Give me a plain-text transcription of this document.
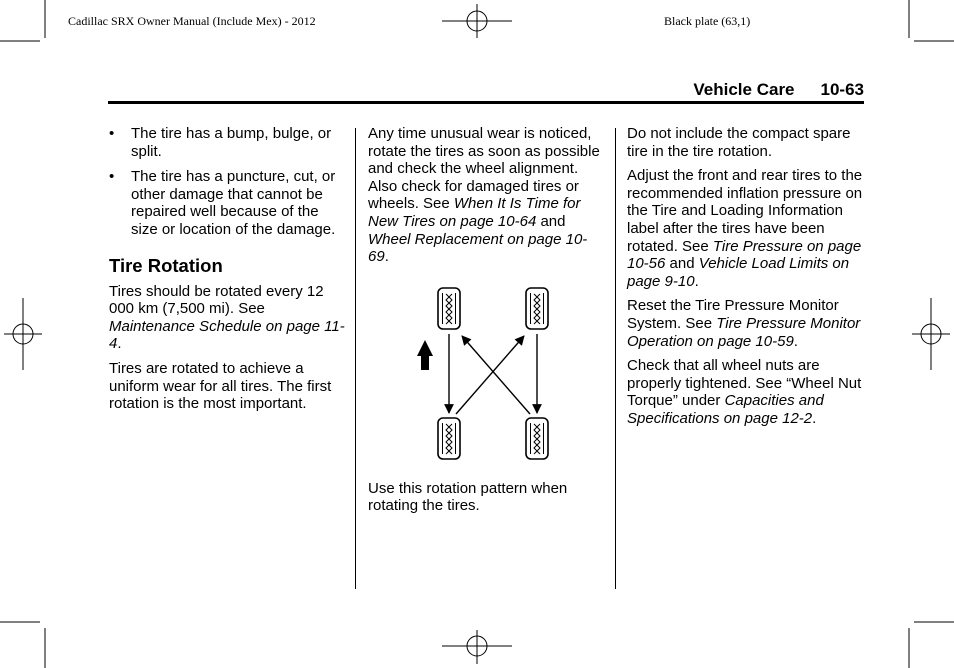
Cadillac SRX Owner Manual (Include Mex) - 2012	Black plate (63,1)
Vehicle Care 10-63
• The tire has a bump, bulge, or split.
• The tire has a puncture, cut, or other damage that cannot be repaired well because of the size or location of the damage.
Tire Rotation

Tires should be rotated every 12 000 km (7,500 mi). See Maintenance Schedule on page 11-4.

Tires are rotated to achieve a uniform wear for all tires. The first rotation is the most important.

Any time unusual wear is noticed, rotate the tires as soon as possible and check the wheel alignment. Also check for damaged tires or wheels. See When It Is Time for New Tires on page 10-64 and Wheel Replacement on page 10-69.

Use this rotation pattern when rotating the tires.

Do not include the compact spare tire in the tire rotation.

Adjust the front and rear tires to the recommended inflation pressure on the Tire and Loading Information label after the tires have been rotated. See Tire Pressure on page 10-56 and Vehicle Load Limits on page 9-10.

Reset the Tire Pressure Monitor System. See Tire Pressure Monitor Operation on page 10-59.

Check that all wheel nuts are properly tightened. See “Wheel Nut Torque” under Capacities and Specifications on page 12-2.
